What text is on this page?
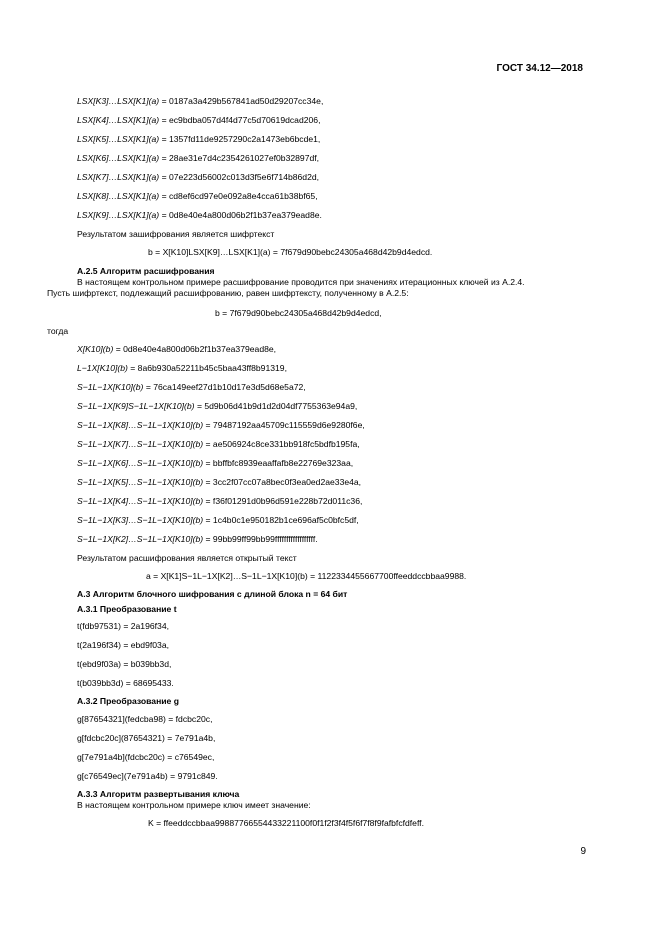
ГОСТ 34.12—2018
LSX[K3]…LSX[K1](a) = 0187a3a429b567841ad50d29207cc34e,
LSX[K4]…LSX[K1](a) = ec9bdba057d4f4d77c5d70619dcad206,
LSX[K5]…LSX[K1](a) = 1357fd11de9257290c2a1473eb6bcde1,
LSX[K6]…LSX[K1](a) = 28ae31e7d4c2354261027ef0b32897df,
LSX[K7]…LSX[K1](a) = 07e223d56002c013d3f5e6f714b86d2d,
LSX[K8]…LSX[K1](a) = cd8ef6cd97e0e092a8e4cca61b38bf65,
LSX[K9]…LSX[K1](a) = 0d8e40e4a800d06b2f1b37ea379ead8e.
Результатом зашифрования является шифртекст
b = X[K10]LSX[K9]…LSX[K1](a) = 7f679d90bebc24305a468d42b9d4edcd.
А.2.5 Алгоритм расшифрования
В настоящем контрольном примере расшифрование проводится при значениях итерационных ключей из А.2.4.
Пусть шифртекст, подлежащий расшифрованию, равен шифртексту, полученному в А.2.5:
b = 7f679d90bebc24305a468d42b9d4edcd,
тогда
X[K10](b) = 0d8e40e4a800d06b2f1b37ea379ead8e,
L−1X[K10](b) = 8a6b930a52211b45c5baa43ff8b91319,
S−1L−1X[K10](b) = 76ca149eef27d1b10d17e3d5d68e5a72,
S−1L−1X[K9]S−1L−1X[K10](b) = 5d9b06d41b9d1d2d04df7755363e94a9,
S−1L−1X[K8]…S−1L−1X[K10](b) = 79487192aa45709c115559d6e9280f6e,
S−1L−1X[K7]…S−1L−1X[K10](b) = ae506924c8ce331bb918fc5bdfb195fa,
S−1L−1X[K6]…S−1L−1X[K10](b) = bbffbfc8939eaaffafb8e22769e323aa,
S−1L−1X[K5]…S−1L−1X[K10](b) = 3cc2f07cc07a8bec0f3ea0ed2ae33e4a,
S−1L−1X[K4]…S−1L−1X[K10](b) = f36f01291d0b96d591e228b72d011c36,
S−1L−1X[K3]…S−1L−1X[K10](b) = 1c4b0c1e950182b1ce696af5c0bfc5df,
S−1L−1X[K2]…S−1L−1X[K10](b) = 99bb99ff99bb99ffffffffffffffffff.
Результатом расшифрования является открытый текст
a = X[K1]S−1L−1X[K2]…S−1L−1X[K10](b) = 1122334455667700ffeeddccbbaa9988.
А.3 Алгоритм блочного шифрования с длиной блока n = 64 бит
А.3.1 Преобразование t
t(fdb97531) = 2a196f34,
t(2a196f34) = ebd9f03a,
t(ebd9f03a) = b039bb3d,
t(b039bb3d) = 68695433.
А.3.2 Преобразование g
g[87654321](fedcba98) = fdcbc20c,
g[fdcbc20c](87654321) = 7e791a4b,
g[7e791a4b](fdcbc20c) = c76549ec,
g[c76549ec](7e791a4b) = 9791c849.
А.3.3 Алгоритм развертывания ключа
В настоящем контрольном примере ключ имеет значение:
K = ffeeddccbbaa99887766554433221100f0f1f2f3f4f5f6f7f8f9fafbfcfdfeff.
9
